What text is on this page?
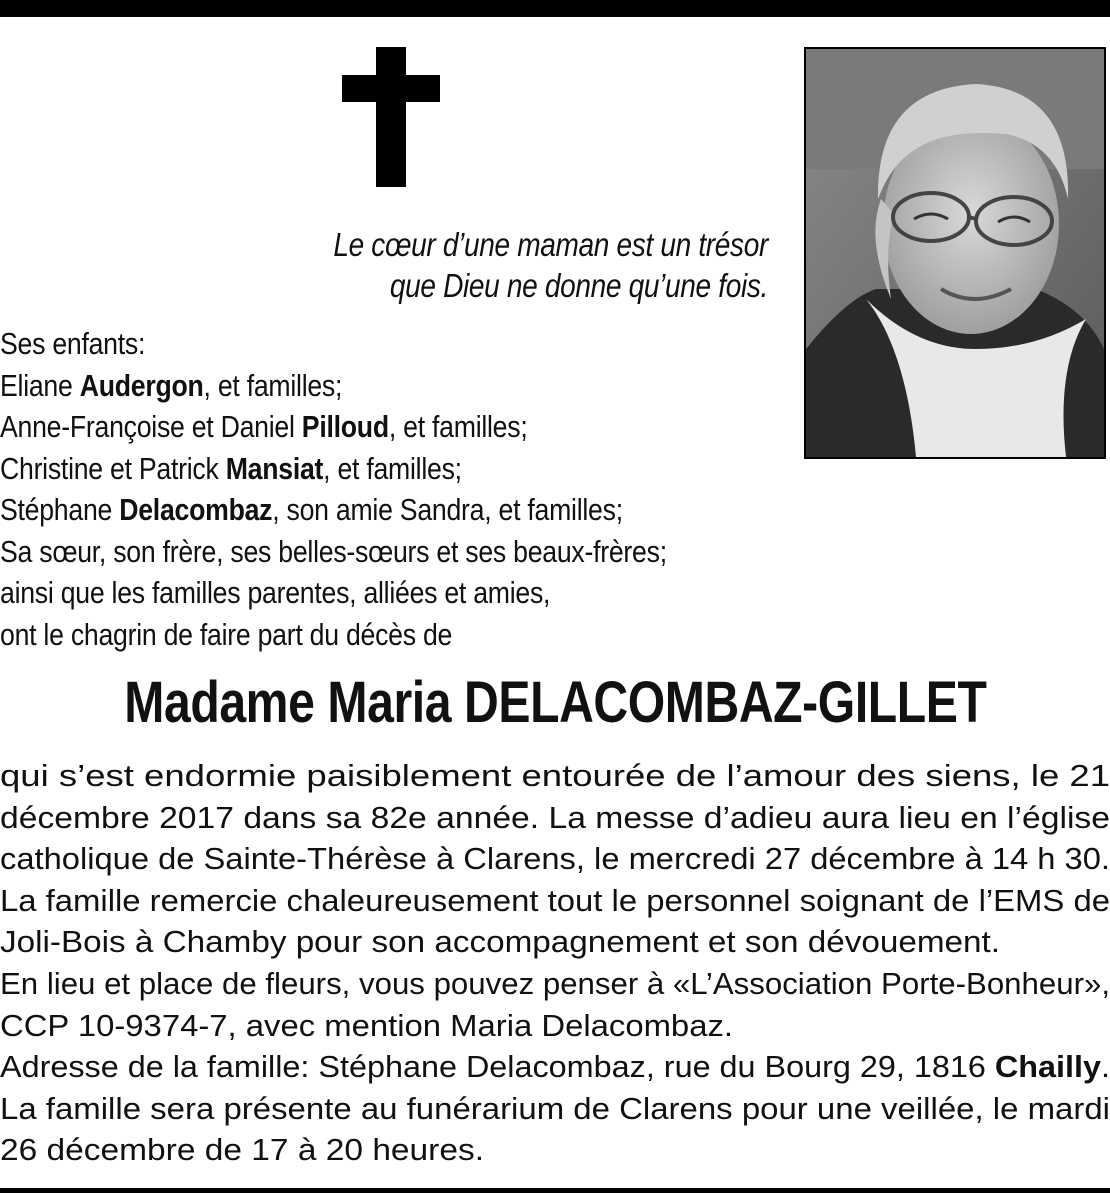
Le cœur d’une maman est un trésor
que Dieu ne donne qu’une fois.
Ses enfants:
Eliane Audergon, et familles;
Anne-Françoise et Daniel Pilloud, et familles;
Christine et Patrick Mansiat, et familles;
Stéphane Delacombaz, son amie Sandra, et familles;
Sa sœur, son frère, ses belles-sœurs et ses beaux-frères;
ainsi que les familles parentes, alliées et amies,
ont le chagrin de faire part du décès de
Madame Maria DELACOMBAZ-GILLET
qui s’est endormie paisiblement entourée de l’amour des siens, le 21
décembre 2017 dans sa 82e année. La messe d’adieu aura lieu en l’église
catholique de Sainte-Thérèse à Clarens, le mercredi 27 décembre à 14 h 30.
La famille remercie chaleureusement tout le personnel soignant de l’EMS de
Joli-Bois à Chamby pour son accompagnement et son dévouement.
En lieu et place de fleurs, vous pouvez penser à «L’Association Porte-Bonheur»,
CCP 10-9374-7, avec mention Maria Delacombaz.
Adresse de la famille: Stéphane Delacombaz, rue du Bourg 29, 1816 Chailly.
La famille sera présente au funérarium de Clarens pour une veillée, le mardi
26 décembre de 17 à 20 heures.
